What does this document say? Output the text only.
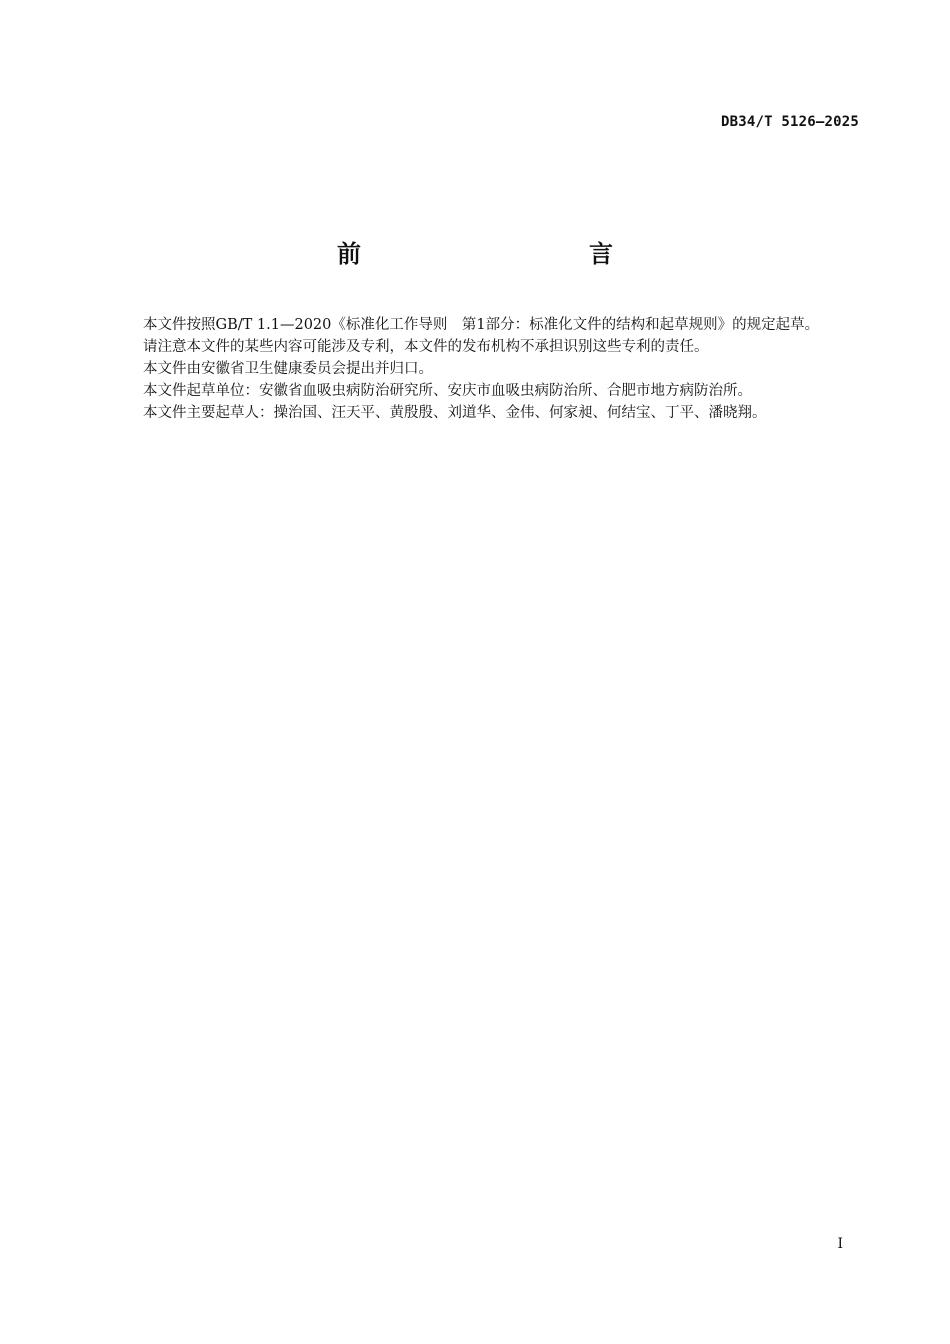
DB34/T 5126—2025
前　　言

本文件按照GB/T 1.1—2020《标准化工作导则　第1部分：标准化文件的结构和起草规则》的规定起草。

请注意本文件的某些内容可能涉及专利，本文件的发布机构不承担识别这些专利的责任。

本文件由安徽省卫生健康委员会提出并归口。

本文件起草单位：安徽省血吸虫病防治研究所、安庆市血吸虫病防治所、合肥市地方病防治所。

本文件主要起草人：操治国、汪天平、黄殷殷、刘道华、金伟、何家昶、何结宝、丁平、潘晓翔。

I
